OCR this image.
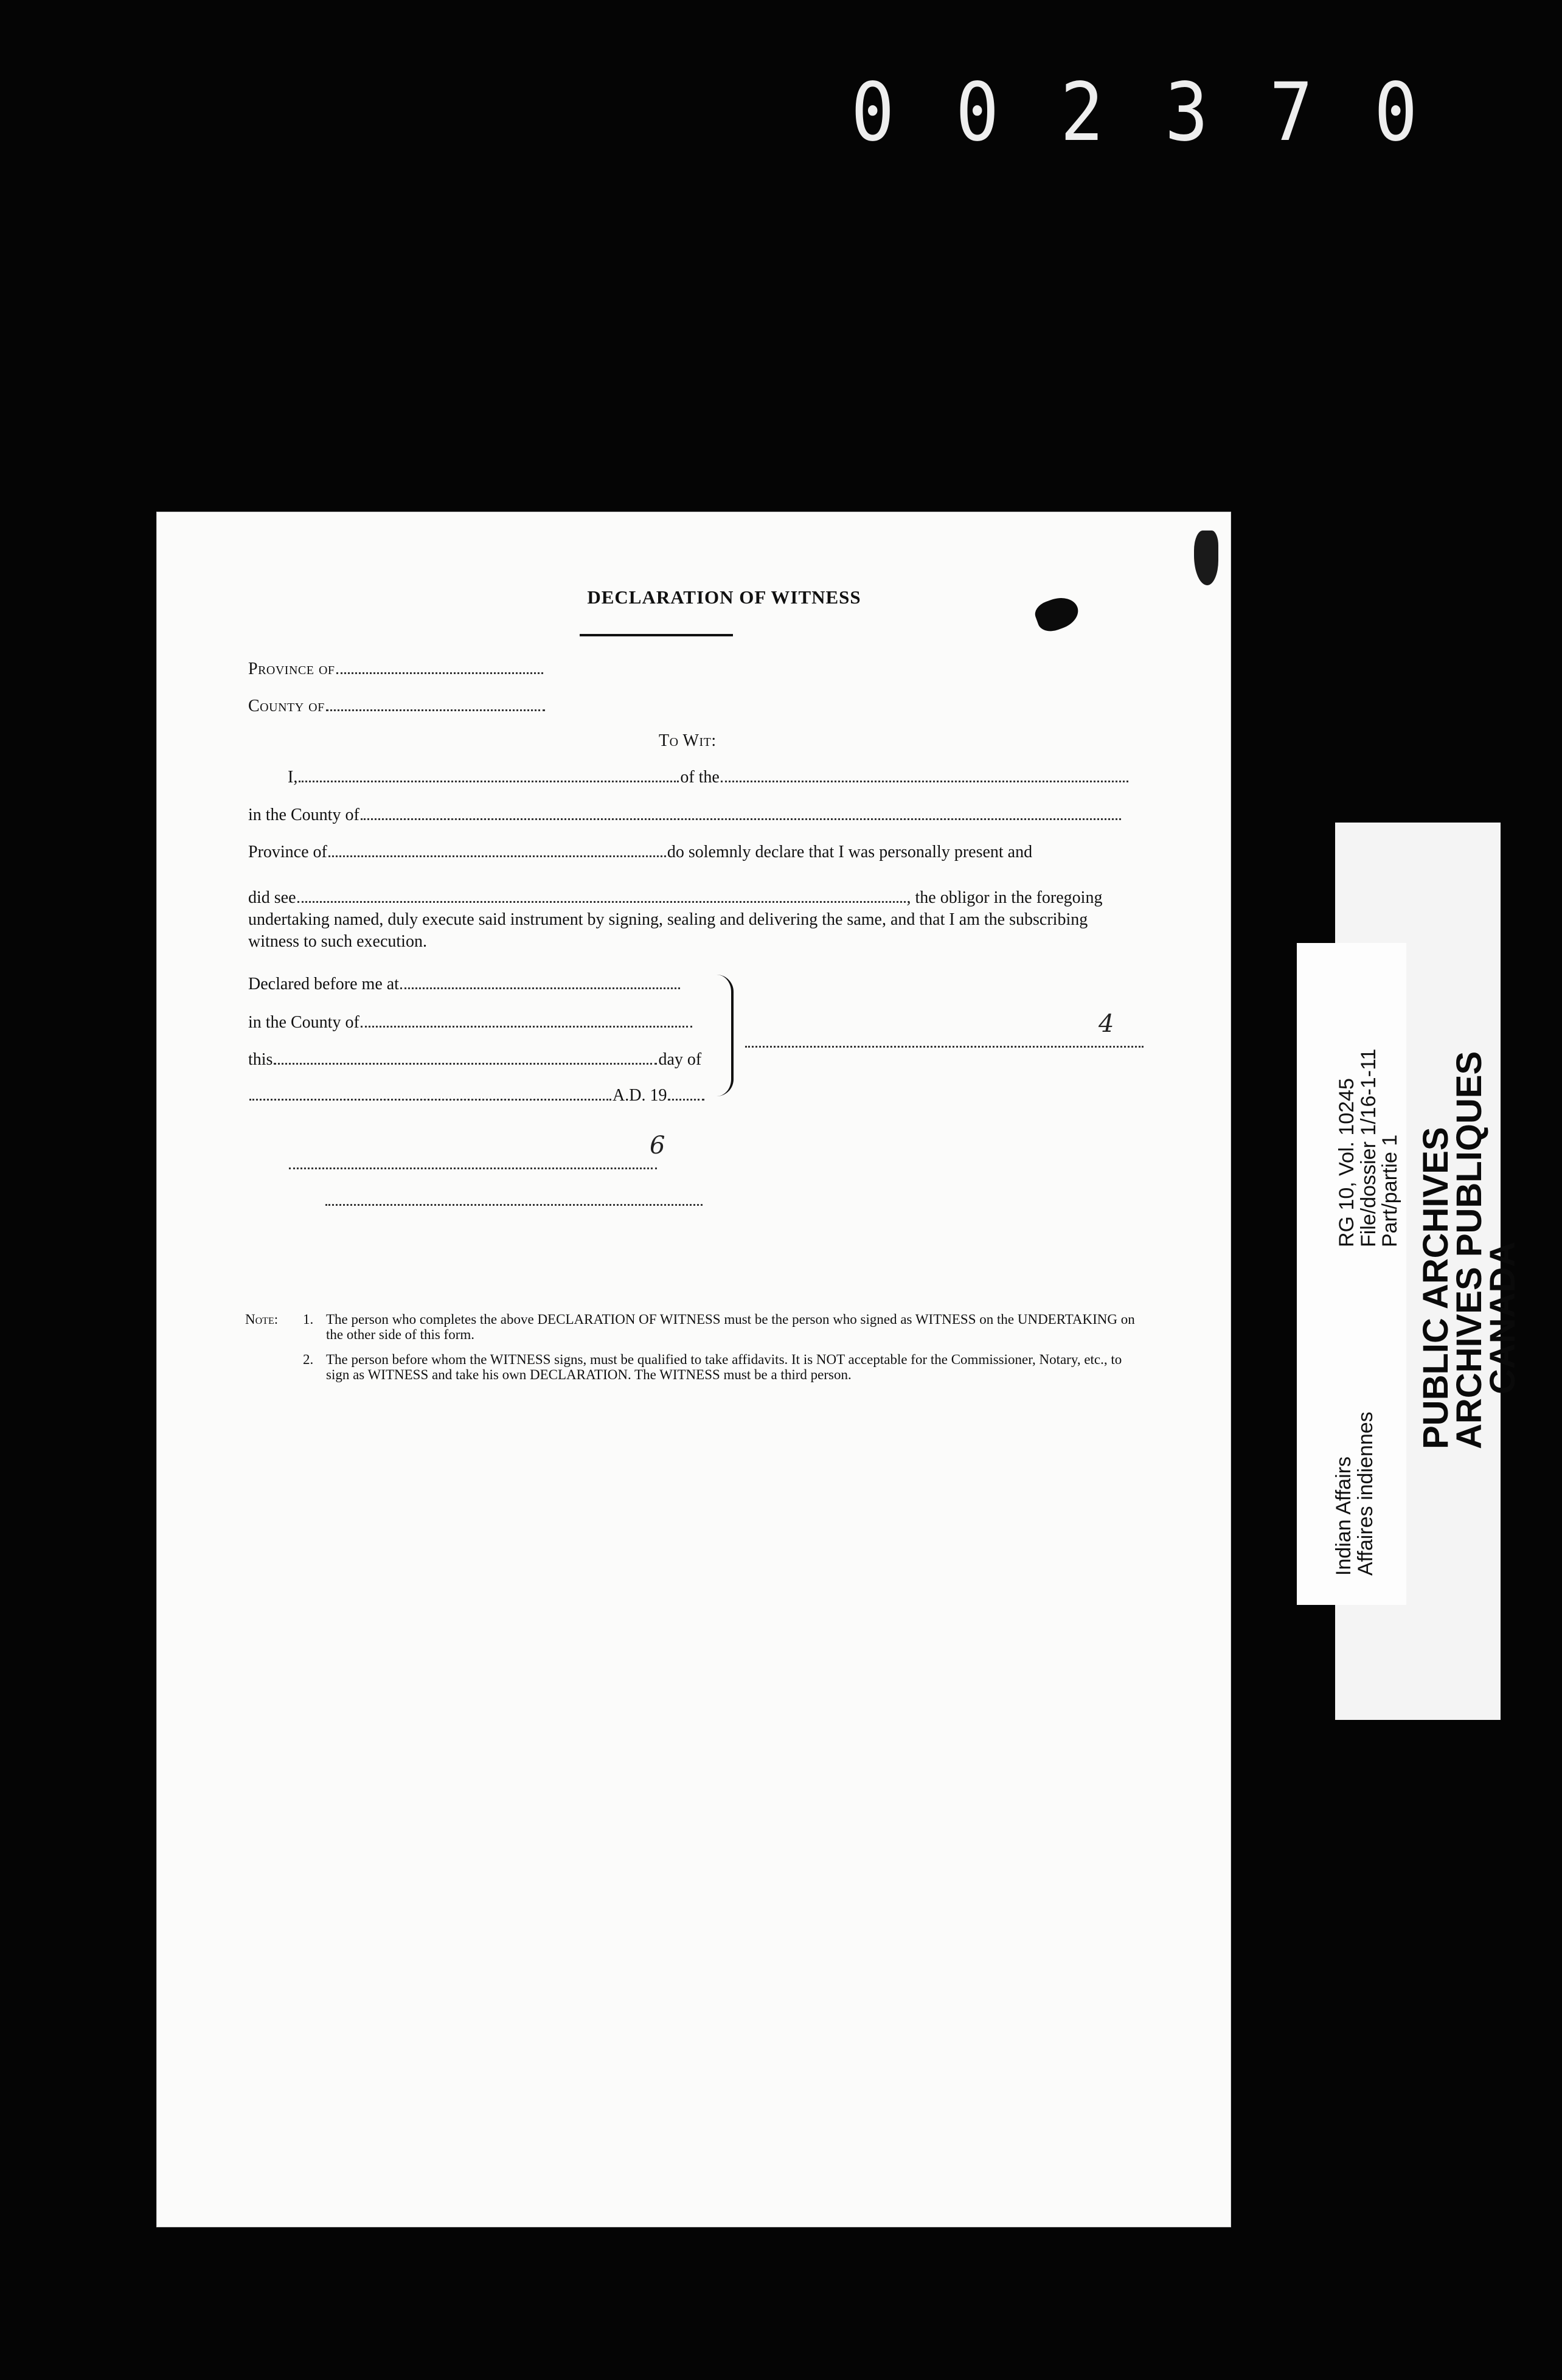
0 0 2 3 7 0
DECLARATION OF WITNESS
Province of
County of
To Wit:
I,	of the
in the County of
Province of	do solemnly declare that I was personally present and
did see	, the obligor in the foregoing
undertaking named, duly execute said instrument by signing, sealing and delivering the same, and that I am the subscribing witness to such execution.
Declared before me at
in the County of
this	day of
A.D. 19
4
6
Note: 1. The person who completes the above DECLARATION OF WITNESS must be the person who signed as WITNESS on the UNDERTAKING on the other side of this form.
2. The person before whom the WITNESS signs, must be qualified to take affidavits. It is NOT acceptable for the Commissioner, Notary, etc., to sign as WITNESS and take his own DECLARATION. The WITNESS must be a third person.	PUBLIC ARCHIVES
ARCHIVES PUBLIQUES
CANADA
Indian Affairs
Affaires indiennes
RG 10, Vol. 10245
File/dossier 1/16-1-11
Part/partie 1
